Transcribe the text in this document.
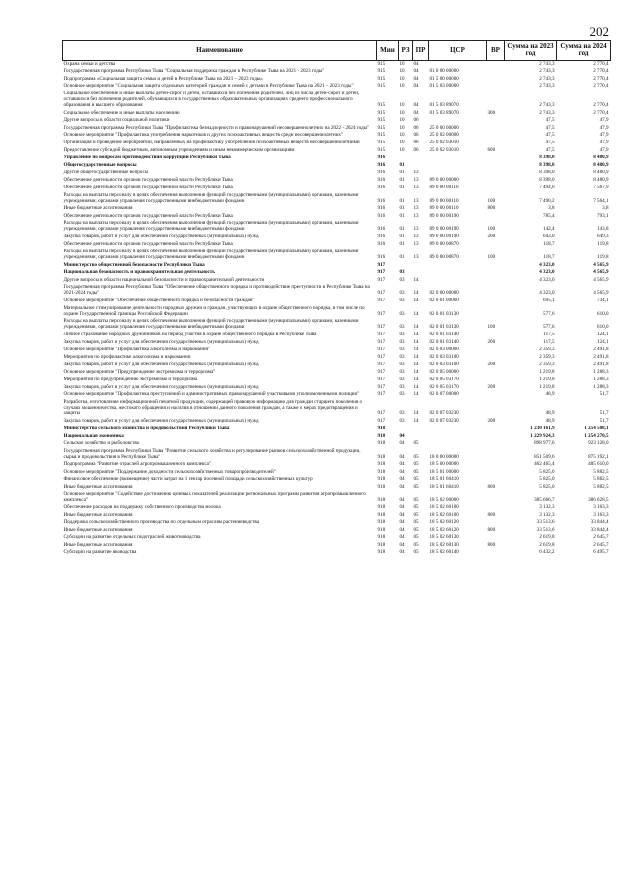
202
Наименование	Мин	РЗ	ПР	ЦСР	ВР	Сумма на 2023 год	Сумма на 2024 год
Охрана семьи и детства	915	10	04			2 743,3	2 770,4
Государственная программа Республики Тыва "Социальная поддержка граждан в Республике Тыва на 2021 - 2023 годы"	915	10	04	01 0 00 00000		2 743,3	2 770,4
Подпрограмма «Социальная защита семьи и детей в Республике Тыва на 2021 – 2023 годы»	915	10	04	01 5 00 00000		2 743,3	2 770,4
Основное мероприятие "Социальная защита отдельных категорий граждан и семей с детьми в Республике Тыва на 2021 – 2023 годы"	915	10	04	01 5 03 00000		2 743,3	2 770,4
Социальное обеспечение и иные выплаты детей-сирот и детей, оставшихся без попечения родителей, лиц из числа детей-сирот и детей, оставшихся без попечения родителей, обучающихся в государственных образовательных организациях среднего профессионального образования и высшего образования	915	10	04	01 5 03 89070		2 743,3	2 770,4
Социальное обеспечение и иные выплаты населению	915	10	04	01 5 03 89070	300	2 743,3	2 770,4
Другие вопросы в области социальной политики	915	10	06			47,5	47,9
Государственная программа Республики Тыва "Профилактика безнадзорности и правонарушений несовершеннолетних на 2022 - 2024 годы"	915	10	06	25 0 00 00000		47,5	47,9
Основное мероприятие "Профилактика употребления наркотиков и других психоактивных веществ среди несовершеннолетних"	915	10	06	25 0 02 00000		47,5	47,9
Организация и проведение мероприятий, направленных на профилактику употребления психоактивных веществ несовершеннолетними	915	10	06	25 0 02 03010		47,5	47,9
Предоставление субсидий бюджетным, автономным учреждениям и иным некоммерческим организациям	915	10	06	25 0 02 03010	600	47,5	47,9
Управление по вопросам противодействия коррупции Республики Тыва	916					8 398,0	8 480,9
Общегосударственные вопросы	916	01				8 398,0	8 480,9
Другие общегосударственные вопросы	916	01	13			8 398,0	8 480,9
Обеспечение деятельности органов государственной власти Республики Тыва	916	01	13	89 0 00 00000		8 398,0	8 480,9
Обеспечение деятельности органов государственной власти Республики Тыва	916	01	13	89 0 00 00110		7 494,0	7 567,9
Расходы на выплаты персоналу в целях обеспечения выполнения функций государственными (муниципальными) органами, казенными учреждениями, органами управления государственными внебюджетными фондами	916	01	13	89 0 00 00110	100	7 490,2	7 564,1
Иные бюджетные ассигнования	916	01	13	89 0 00 00110	800	3,8	3,8
Обеспечение деятельности органов государственной власти Республики Тыва	916	01	13	89 0 00 00190		785,4	793,1
Расходы на выплаты персоналу в целях обеспечения выполнения функций государственными (муниципальными) органами, казенными учреждениями, органами управления государственными внебюджетными фондами	916	01	13	89 0 00 00190	100	142,4	143,8
Закупка товаров, работ и услуг для обеспечения государственных (муниципальных) нужд	916	01	13	89 0 00 00190	200	643,0	649,3
Обеспечение деятельности органов государственной власти Республики Тыва	916	01	13	89 0 00 00870		118,7	119,8
Расходы на выплаты персоналу в целях обеспечения выполнения функций государственными (муниципальными) органами, казенными учреждениями, органами управления государственными внебюджетными фондами	916	01	13	89 0 00 00870	100	118,7	119,8
Министерство общественной безопасности Республики Тыва	917					4 323,0	4 565,9
Национальная безопасность и правоохранительная деятельность	917	03				4 323,0	4 565,9
Другие вопросы в области национальной безопасности и правоохранительной деятельности	917	03	14			4 323,0	4 565,9
Государственная программа Республики Тыва "Обеспечение общественного порядка и противодействие преступности в Республике Тыва на 2021-2024 годы"	917	03	14	02 0 00 00000		4 323,0	4 565,9
Основное мероприятие "Обеспечение общественного порядка и безопасности граждан"	917	03	14	02 0 01 00000		695,1	734,1
Материальное стимулирование деятельности народных дружин и граждан, участвующих в охране общественного порядка, в том числе по охране Государственной границы Российской Федерации	917	03	14	02 0 01 03130		577,6	610,0
Расходы на выплаты персоналу в целях обеспечения выполнения функций государственными (муниципальными) органами, казенными учреждениями, органами управления государственными внебюджетными фондами	917	03	14	02 0 01 03130	100	577,6	610,0
Личное страхование народных дружинников на период участия в охране общественного порядка в Республике Тыва	917	03	14	02 0 01 03140		117,5	124,1
Закупка товаров, работ и услуг для обеспечения государственных (муниципальных) нужд	917	03	14	02 0 01 03140	200	117,5	124,1
Основное мероприятие "Профилактика алкоголизма и наркомании"	917	03	14	02 0 03 00000		2 359,3	2 491,8
Мероприятия по профилактике алкоголизма и наркомании	917	03	14	02 0 03 03100		2 359,3	2 491,8
Закупка товаров, работ и услуг для обеспечения государственных (муниципальных) нужд	917	03	14	02 0 03 03100	200	2 359,3	2 491,8
Основное мероприятие "Предупреждение экстремизма и терроризма"	917	03	14	02 0 05 00000		1 219,8	1 288,3
Мероприятия по предупреждению экстремизма и терроризма	917	03	14	02 0 05 03170		1 219,8	1 288,3
Закупка товаров, работ и услуг для обеспечения государственных (муниципальных) нужд	917	03	14	02 0 05 03170	200	1 219,8	1 288,3
Основное мероприятие "Профилактика преступлений и административных правонарушений участковыми уполномоченными полиции"	917	03	14	02 0 07 00000		48,9	51,7
Разработка, изготовление информационной печатной продукции, содержащей правовую информацию для граждан старшего поколения о случаях мошенничества, жестокого обращения и насилия в отношении данного поколения граждан, а также о мерах предотвращения и защиты	917	03	14	02 0 07 03230		48,9	51,7
Закупка товаров, работ и услуг для обеспечения государственных (муниципальных) нужд	917	03	14	02 0 07 03230	200	48,9	51,7
Министерство сельского хозяйства и продовольствия Республики Тыва	918					1 230 161,9	1 254 508,1
Национальная экономика	918	04				1 229 924,3	1 254 270,5
Сельское хозяйство и рыболовство	918	04	05			898 977,6	923 128,0
Государственная программа Республики Тыва "Развитие сельского хозяйства и регулирование рынков сельскохозяйственной продукции, сырья и продовольствия в Республике Тыва"	918	04	05	18 0 00 00000		851 509,6	875 192,1
Подпрограмма "Развитие отраслей агропромышленного комплекса"	918	04	05	18 5 00 00000		462 465,4	485 610,0
Основное мероприятие "Поддержание доходности сельскохозяйственных товаропроизводителей"	918	04	05	18 5 01 00000		5 825,0	5 882,5
Финансовое обеспечение (возмещение) части затрат на 1 гектар посевной площади сельскохозяйственных культур	918	04	05	18 5 01 60410		5 825,0	5 882,5
Иные бюджетные ассигнования	918	04	05	18 5 01 60410	800	5 825,0	5 882,5
Основное мероприятие "Содействие достижению целевых показателей реализации региональных программ развития агропромышленного комплекса"	918	04	05	18 5 02 00000		385 666,7	386 628,5
Обеспечение расходов на поддержку собственного производства молока	918	04	05	18 5 02 60100		3 132,3	3 163,3
Иные бюджетные ассигнования	918	04	05	18 5 02 60100	800	3 132,3	3 163,3
Поддержка сельскохозяйственного производства по отдельным отраслям растениеводства	918	04	05	18 5 02 60120		33 513,6	33 844,4
Иные бюджетные ассигнования	918	04	05	18 5 02 60120	800	33 513,6	33 844,4
Субсидии на развитие отдельных подотраслей животноводства	918	04	05	18 5 02 60130		2 619,8	2 645,7
Иные бюджетные ассигнования	918	04	05	18 5 02 60130	800	2 619,8	2 645,7
Субсидии на развитие яководства	918	04	05	18 5 02 60140		6 432,2	6 495,7
